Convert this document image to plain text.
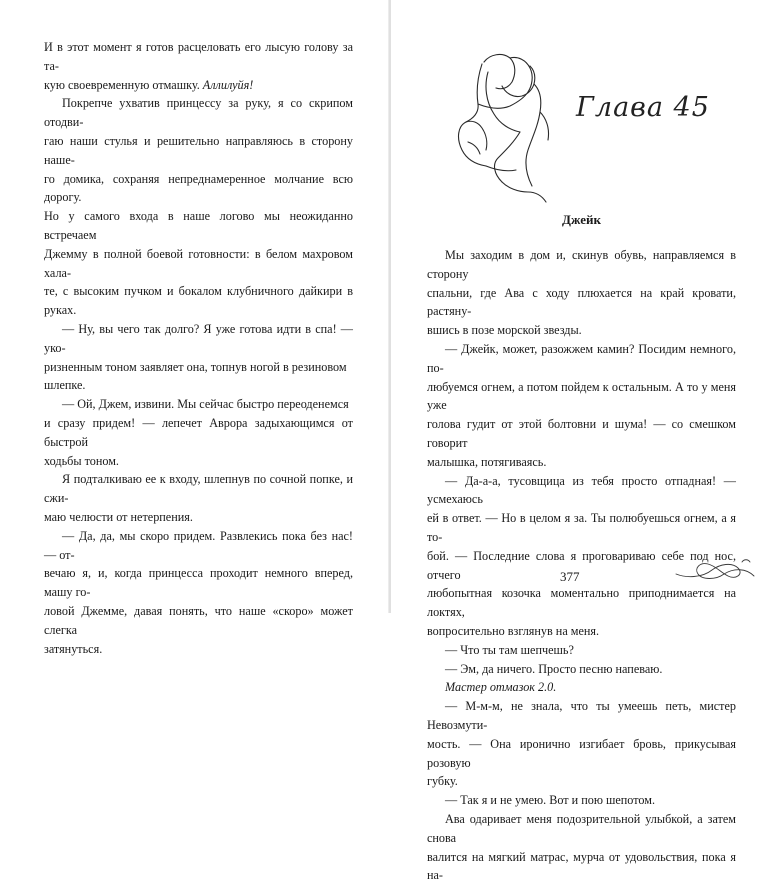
И в этот момент я готов расцеловать его лысую голову за та-
кую своевременную отмашку. Аллилуйя!

Покрепче ухватив принцессу за руку, я со скрипом отодви-
гаю наши стулья и решительно направляюсь в сторону наше-
го домика, сохраняя непреднамеренное молчание всю дорогу.
Но у самого входа в наше логово мы неожиданно встречаем
Джемму в полной боевой готовности: в белом махровом хала-
те, с высоким пучком и бокалом клубничного дайкири в руках.

— Ну, вы чего так долго? Я уже готова идти в спа! — уко-
ризненным тоном заявляет она, топнув ногой в резиновом
шлепке.

— Ой, Джем, извини. Мы сейчас быстро переоденемся
и сразу придем! — лепечет Аврора задыхающимся от быстрой
ходьбы тоном.

Я подталкиваю ее к входу, шлепнув по сочной попке, и сжи-
маю челюсти от нетерпения.

— Да, да, мы скоро придем. Развлекись пока без нас! — от-
вечаю я, и, когда принцесса проходит немного вперед, машу го-
ловой Джемме, давая понять, что наше «скоро» может слегка
затянуться.

Глава 45
Джейк

Мы заходим в дом и, скинув обувь, направляемся в сторону
спальни, где Ава с ходу плюхается на край кровати, растяну-
вшись в позе морской звезды.

— Джейк, может, разожжем камин? Посидим немного, по-
любуемся огнем, а потом пойдем к остальным. А то у меня уже
голова гудит от этой болтовни и шума! — со смешком говорит
малышка, потягиваясь.

— Да-а-а, тусовщица из тебя просто отпадная! — усмехаюсь
ей в ответ. — Но в целом я за. Ты полюбуешься огнем, а я то-
бой. — Последние слова я проговариваю себе под нос, отчего
любопытная козочка моментально приподнимается на локтях,
вопросительно взглянув на меня.

— Что ты там шепчешь?

— Эм, да ничего. Просто песню напеваю.

Мастер отмазок 2.0.

— М-м-м, не знала, что ты умеешь петь, мистер Невозмути-
мость. — Она иронично изгибает бровь, прикусывая розовую
губку.

— Так я и не умею. Вот и пою шепотом.

Ава одаривает меня подозрительной улыбкой, а затем снова
валится на мягкий матрас, мурча от удовольствия, пока я на-

377
